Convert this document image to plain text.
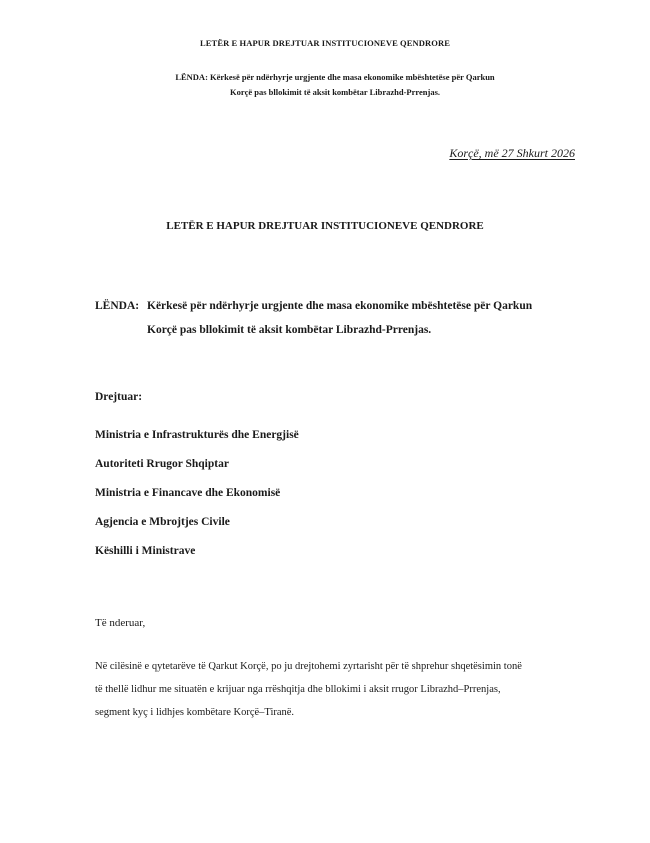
LETËR E HAPUR DREJTUAR INSTITUCIONEVE QENDRORE
LËNDA: Kërkesë për ndërhyrje urgjente dhe masa ekonomike mbështetëse për Qarkun
Korçë pas bllokimit të aksit kombëtar Librazhd-Prrenjas.
Korçë, më 27 Shkurt 2026
LETËR E HAPUR DREJTUAR INSTITUCIONEVE QENDRORE
LËNDA: Kërkesë për ndërhyrje urgjente dhe masa ekonomike mbështetëse për Qarkun
Korçë pas bllokimit të aksit kombëtar Librazhd-Prrenjas.
Drejtuar:
Ministria e Infrastrukturës dhe Energjisë
Autoriteti Rrugor Shqiptar
Ministria e Financave dhe Ekonomisë
Agjencia e Mbrojtjes Civile
Këshilli i Ministrave
Të nderuar,
Në cilësinë e qytetarëve të Qarkut Korçë, po ju drejtohemi zyrtarisht për të shprehur shqetësimin tonë
të thellë lidhur me situatën e krijuar nga rrëshqitja dhe bllokimi i aksit rrugor Librazhd–Prrenjas,
segment kyç i lidhjes kombëtare Korçë–Tiranë.
